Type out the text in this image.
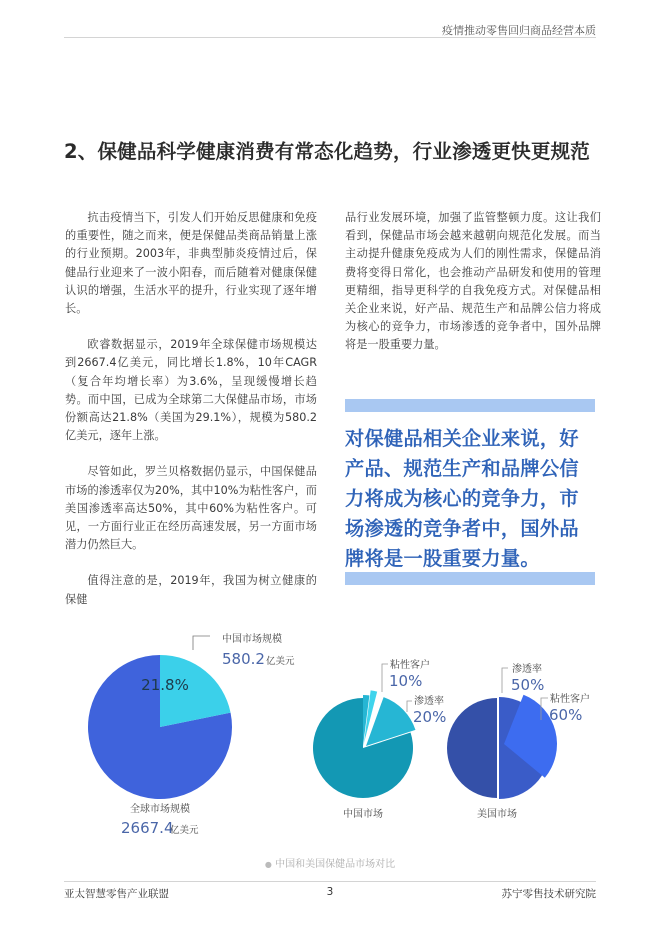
疫情推动零售回归商品经营本质
2、保健品科学健康消费有常态化趋势，行业渗透更快更规范

抗击疫情当下，引发人们开始反思健康和免疫的重要性，随之而来，便是保健品类商品销量上涨的行业预期。2003年，非典型肺炎疫情过后，保健品行业迎来了一波小阳春，而后随着对健康保健认识的增强，生活水平的提升，行业实现了逐年增长。

欧睿数据显示，2019年全球保健市场规模达到2667.4亿美元，同比增长1.8%，10年CAGR（复合年均增长率）为3.6%，呈现缓慢增长趋势。而中国，已成为全球第二大保健品市场，市场份额高达21.8%（美国为29.1%），规模为580.2亿美元，逐年上涨。

尽管如此，罗兰贝格数据仍显示，中国保健品市场的渗透率仅为20%，其中10%为粘性客户，而美国渗透率高达50%，其中60%为粘性客户。可见，一方面行业正在经历高速发展，另一方面市场潜力仍然巨大。

值得注意的是，2019年，我国为树立健康的保健

品行业发展环境，加强了监管整顿力度。这让我们看到，保健品市场会越来越朝向规范化发展。而当主动提升健康免疫成为人们的刚性需求，保健品消费将变得日常化，也会推动产品研发和使用的管理更精细，指导更科学的自我免疫方式。对保健品相关企业来说，好产品、规范生产和品牌公信力将成为核心的竞争力，市场渗透的竞争者中，国外品牌将是一股重要力量。

对保健品相关企业来说，好产品、规范生产和品牌公信力将成为核心的竞争力，市场渗透的竞争者中，国外品牌将是一股重要力量。
21.8%
中国市场规模
580.2 亿美元
全球市场规模
2667.4
亿美元
粘性客户
10%
渗透率
20%
中国市场
渗透率
50%
粘性客户
60%
美国市场
● 中国和美国保健品市场对比
亚太智慧零售产业联盟	3	苏宁零售技术研究院
